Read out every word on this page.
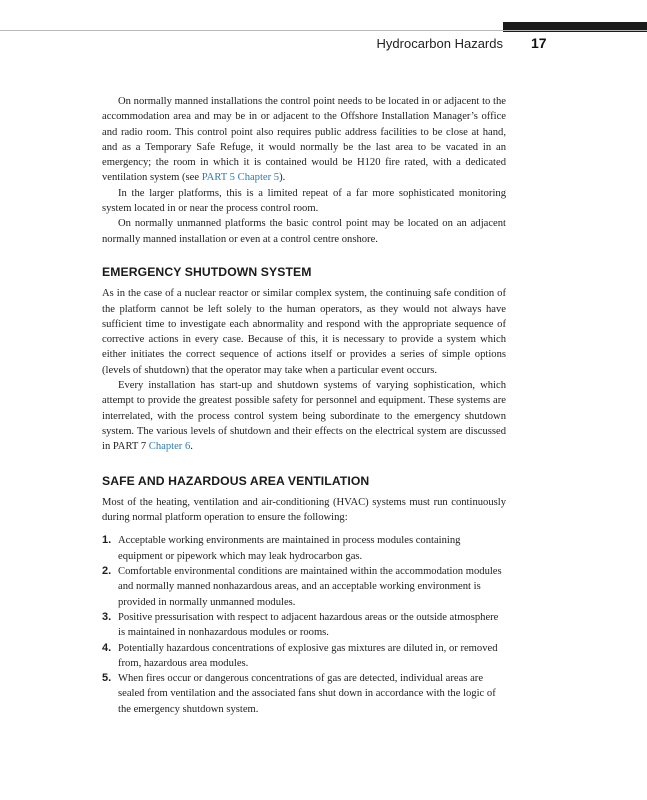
Hydrocarbon Hazards 17

On normally manned installations the control point needs to be located in or adjacent to the accommodation area and may be in or adjacent to the Offshore Installation Manager’s office and radio room. This control point also requires public address facilities to be close at hand, and as a Temporary Safe Refuge, it would normally be the last area to be vacated in an emergency; the room in which it is contained would be H120 fire rated, with a dedicated ventilation system (see PART 5 Chapter 5).

In the larger platforms, this is a limited repeat of a far more sophisticated monitoring system located in or near the process control room.

On normally unmanned platforms the basic control point may be located on an adjacent normally manned installation or even at a control centre onshore.

EMERGENCY SHUTDOWN SYSTEM

As in the case of a nuclear reactor or similar complex system, the continuing safe condition of the platform cannot be left solely to the human operators, as they would not always have sufficient time to investigate each abnormality and respond with the appropriate sequence of corrective actions in every case. Because of this, it is necessary to provide a system which either initiates the correct sequence of actions itself or provides a series of simple options (levels of shutdown) that the operator may take when a particular event occurs.

Every installation has start-up and shutdown systems of varying sophistication, which attempt to provide the greatest possible safety for personnel and equipment. These systems are interrelated, with the process control system being subordinate to the emergency shutdown system. The various levels of shutdown and their effects on the electrical system are discussed in PART 7 Chapter 6.

SAFE AND HAZARDOUS AREA VENTILATION

Most of the heating, ventilation and air-conditioning (HVAC) systems must run continuously during normal platform operation to ensure the following:

1. Acceptable working environments are maintained in process modules containing equipment or pipework which may leak hydrocarbon gas.
2. Comfortable environmental conditions are maintained within the accommodation modules and normally manned nonhazardous areas, and an acceptable working environment is provided in normally unmanned modules.
3. Positive pressurisation with respect to adjacent hazardous areas or the outside atmosphere is maintained in nonhazardous modules or rooms.
4. Potentially hazardous concentrations of explosive gas mixtures are diluted in, or removed from, hazardous area modules.
5. When fires occur or dangerous concentrations of gas are detected, individual areas are sealed from ventilation and the associated fans shut down in accordance with the logic of the emergency shutdown system.
